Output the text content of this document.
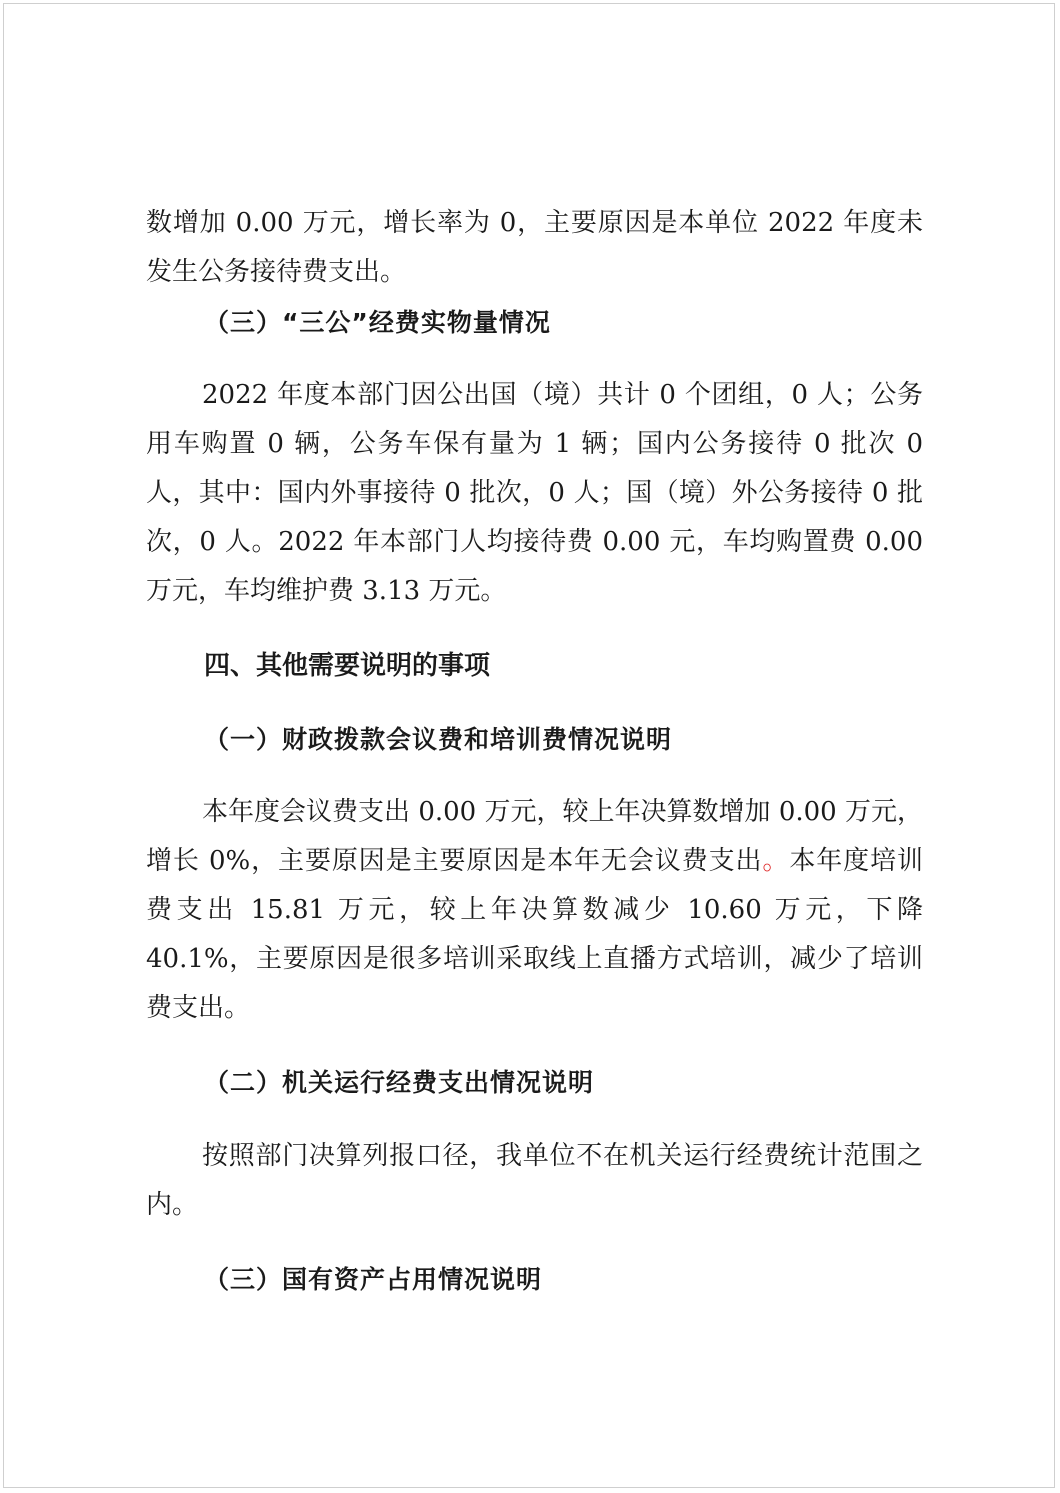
数增加 0.00 万元，增长率为 0，主要原因是本单位 2022 年度未发生公务接待费支出。

（三）“三公”经费实物量情况

2022 年度本部门因公出国（境）共计 0 个团组，0 人；公务用车购置 0 辆，公务车保有量为 1 辆；国内公务接待 0 批次 0 人，其中：国内外事接待 0 批次，0 人；国（境）外公务接待 0 批次，0 人。2022 年本部门人均接待费 0.00 元，车均购置费 0.00 万元，车均维护费 3.13 万元。

四、其他需要说明的事项

（一）财政拨款会议费和培训费情况说明

本年度会议费支出 0.00 万元，较上年决算数增加 0.00 万元，增长 0%，主要原因是主要原因是本年无会议费支出。本年度培训费支出 15.81 万元，较上年决算数减少 10.60 万元，下降 40.1%，主要原因是很多培训采取线上直播方式培训，减少了培训费支出。

（二）机关运行经费支出情况说明

按照部门决算列报口径，我单位不在机关运行经费统计范围之内。

（三）国有资产占用情况说明
